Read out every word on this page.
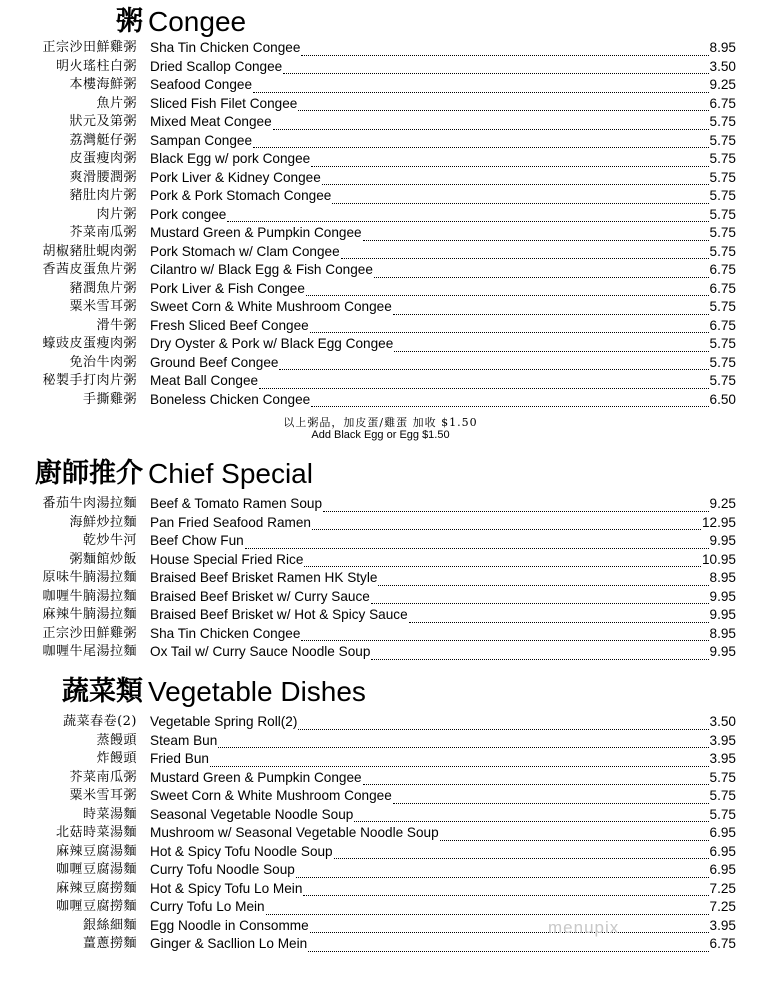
粥 Congee
正宗沙田鮮雞粥 Sha Tin Chicken Congee	8.95
明火瑤柱白粥 Dried Scallop Congee	3.50
本樓海鮮粥 Seafood Congee	9.25
魚片粥 Sliced Fish Filet Congee	6.75
狀元及第粥 Mixed Meat Congee	5.75
荔灣艇仔粥 Sampan Congee	5.75
皮蛋瘦肉粥 Black Egg w/ pork Congee	5.75
爽滑腰潤粥 Pork Liver & Kidney Congee	5.75
豬肚肉片粥 Pork & Pork Stomach Congee	5.75
肉片粥 Pork congee	5.75
芥菜南瓜粥 Mustard Green & Pumpkin Congee	5.75
胡椒豬肚蜆肉粥 Pork Stomach w/ Clam Congee	5.75
香茜皮蛋魚片粥 Cilantro w/ Black Egg & Fish Congee	6.75
豬潤魚片粥 Pork Liver & Fish Congee	6.75
粟米雪耳粥 Sweet Corn & White Mushroom Congee	5.75
滑牛粥 Fresh Sliced Beef Congee	6.75
蠔豉皮蛋瘦肉粥 Dry Oyster & Pork w/ Black Egg Congee	5.75
免治牛肉粥 Ground Beef Congee	5.75
秘製手打肉片粥 Meat Ball Congee	5.75
手撕雞粥 Boneless Chicken Congee	6.50
以上粥品，加皮蛋/雞蛋 加收 $1.50
Add Black Egg or Egg $1.50
廚師推介 Chief Special
番茄牛肉湯拉麵 Beef & Tomato Ramen Soup	9.25
海鮮炒拉麵 Pan Fried Seafood Ramen	12.95
乾炒牛河 Beef Chow Fun	9.95
粥麵館炒飯 House Special Fried Rice	10.95
原味牛腩湯拉麵 Braised Beef Brisket Ramen HK Style	8.95
咖喱牛腩湯拉麵 Braised Beef Brisket w/ Curry Sauce	9.95
麻辣牛腩湯拉麵 Braised Beef Brisket w/ Hot & Spicy Sauce	9.95
正宗沙田鮮雞粥 Sha Tin Chicken Congee	8.95
咖喱牛尾湯拉麵 Ox Tail w/ Curry Sauce Noodle Soup	9.95
蔬菜類 Vegetable Dishes
蔬菜春卷(2) Vegetable Spring Roll(2)	3.50
蒸饅頭 Steam Bun	3.95
炸饅頭 Fried Bun	3.95
芥菜南瓜粥 Mustard Green & Pumpkin Congee	5.75
粟米雪耳粥 Sweet Corn & White Mushroom Congee	5.75
時菜湯麵 Seasonal Vegetable Noodle Soup	5.75
北菇時菜湯麵 Mushroom w/ Seasonal Vegetable Noodle Soup	6.95
麻辣豆腐湯麵 Hot & Spicy Tofu Noodle Soup	6.95
咖喱豆腐湯麵 Curry Tofu Noodle Soup	6.95
麻辣豆腐撈麵 Hot & Spicy Tofu Lo Mein	7.25
咖喱豆腐撈麵 Curry Tofu Lo Mein	7.25
銀絲細麵 Egg Noodle in Consomme	3.95
薑蔥撈麵 Ginger & Sacllion Lo Mein	6.75
menupix
